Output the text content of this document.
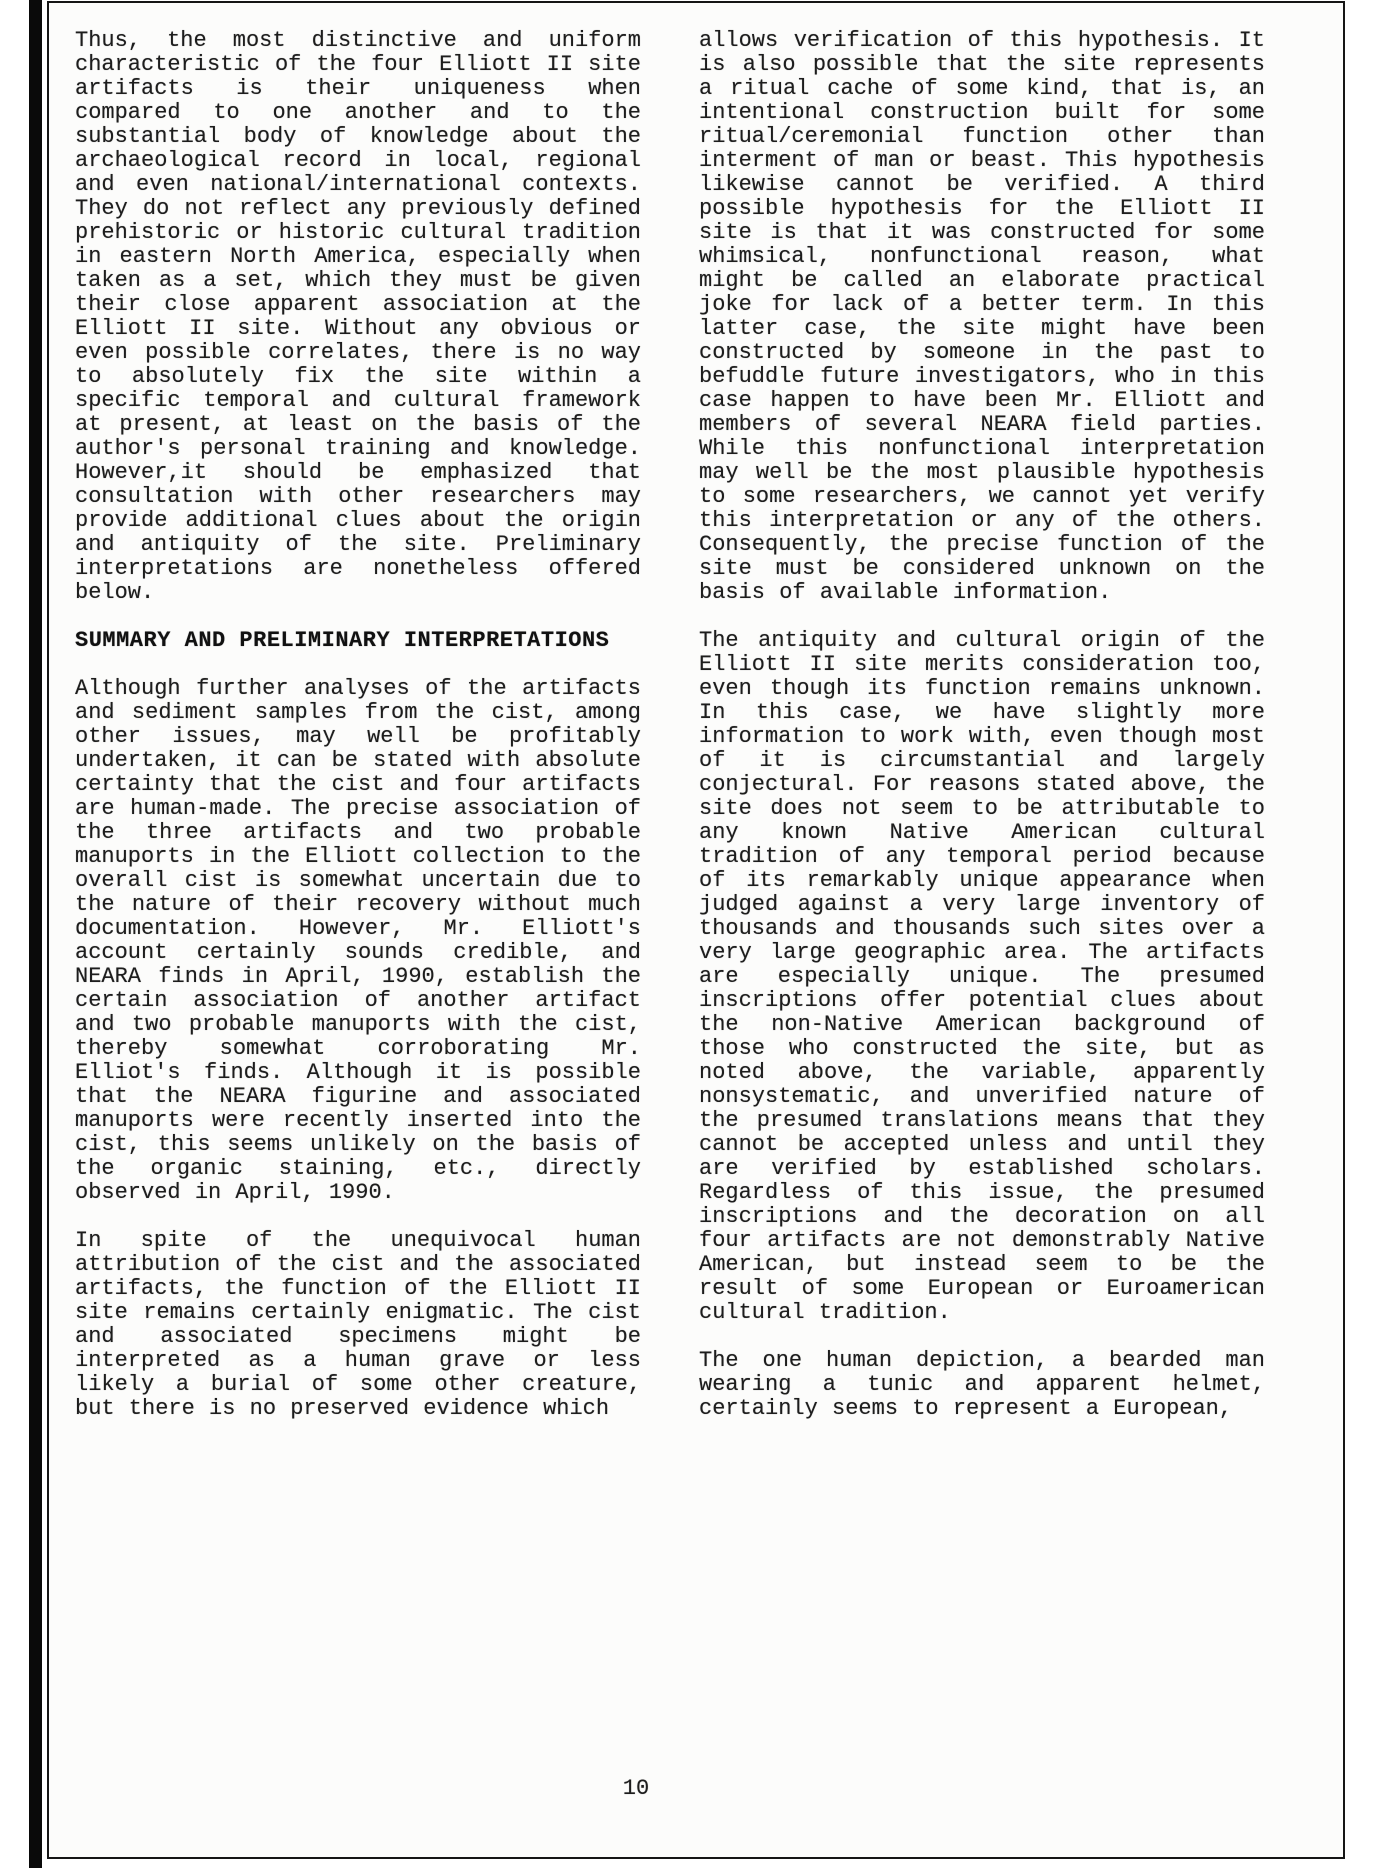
Thus, the most distinctive and uniform characteristic of the four Elliott II site artifacts is their uniqueness when compared to one another and to the substantial body of knowledge about the archaeological record in local, regional and even national/international contexts. They do not reflect any previously defined prehistoric or historic cultural tradition in eastern North America, especially when taken as a set, which they must be given their close apparent association at the Elliott II site. Without any obvious or even possible correlates, there is no way to absolutely fix the site within a specific temporal and cultural framework at present, at least on the basis of the author's personal training and knowledge. However,it should be emphasized that consultation with other researchers may provide additional clues about the origin and antiquity of the site. Preliminary interpretations are nonetheless offered below.

SUMMARY AND PRELIMINARY INTERPRETATIONS

Although further analyses of the artifacts and sediment samples from the cist, among other issues, may well be profitably undertaken, it can be stated with absolute certainty that the cist and four artifacts are human-made. The precise association of the three artifacts and two probable manuports in the Elliott collection to the overall cist is somewhat uncertain due to the nature of their recovery without much documentation. However, Mr. Elliott's account certainly sounds credible, and NEARA finds in April, 1990, establish the certain association of another artifact and two probable manuports with the cist, thereby somewhat corroborating Mr. Elliot's finds. Although it is possible that the NEARA figurine and associated manuports were recently inserted into the cist, this seems unlikely on the basis of the organic staining, etc., directly observed in April, 1990.

In spite of the unequivocal human attribution of the cist and the associated artifacts, the function of the Elliott II site remains certainly enigmatic. The cist and associated specimens might be interpreted as a human grave or less likely a burial of some other creature, but there is no preserved evidence which

allows verification of this hypothesis. It is also possible that the site represents a ritual cache of some kind, that is, an intentional construction built for some ritual/ceremonial function other than interment of man or beast. This hypothesis likewise cannot be verified. A third possible hypothesis for the Elliott II site is that it was constructed for some whimsical, nonfunctional reason, what might be called an elaborate practical joke for lack of a better term. In this latter case, the site might have been constructed by someone in the past to befuddle future investigators, who in this case happen to have been Mr. Elliott and members of several NEARA field parties. While this nonfunctional interpretation may well be the most plausible hypothesis to some researchers, we cannot yet verify this interpretation or any of the others. Consequently, the precise function of the site must be considered unknown on the basis of available information.

The antiquity and cultural origin of the Elliott II site merits consideration too, even though its function remains unknown. In this case, we have slightly more information to work with, even though most of it is circumstantial and largely conjectural. For reasons stated above, the site does not seem to be attributable to any known Native American cultural tradition of any temporal period because of its remarkably unique appearance when judged against a very large inventory of thousands and thousands such sites over a very large geographic area. The artifacts are especially unique. The presumed inscriptions offer potential clues about the non-Native American background of those who constructed the site, but as noted above, the variable, apparently nonsystematic, and unverified nature of the presumed translations means that they cannot be accepted unless and until they are verified by established scholars. Regardless of this issue, the presumed inscriptions and the decoration on all four artifacts are not demonstrably Native American, but instead seem to be the result of some European or Euroamerican cultural tradition.

The one human depiction, a bearded man wearing a tunic and apparent helmet, certainly seems to represent a European,

10
